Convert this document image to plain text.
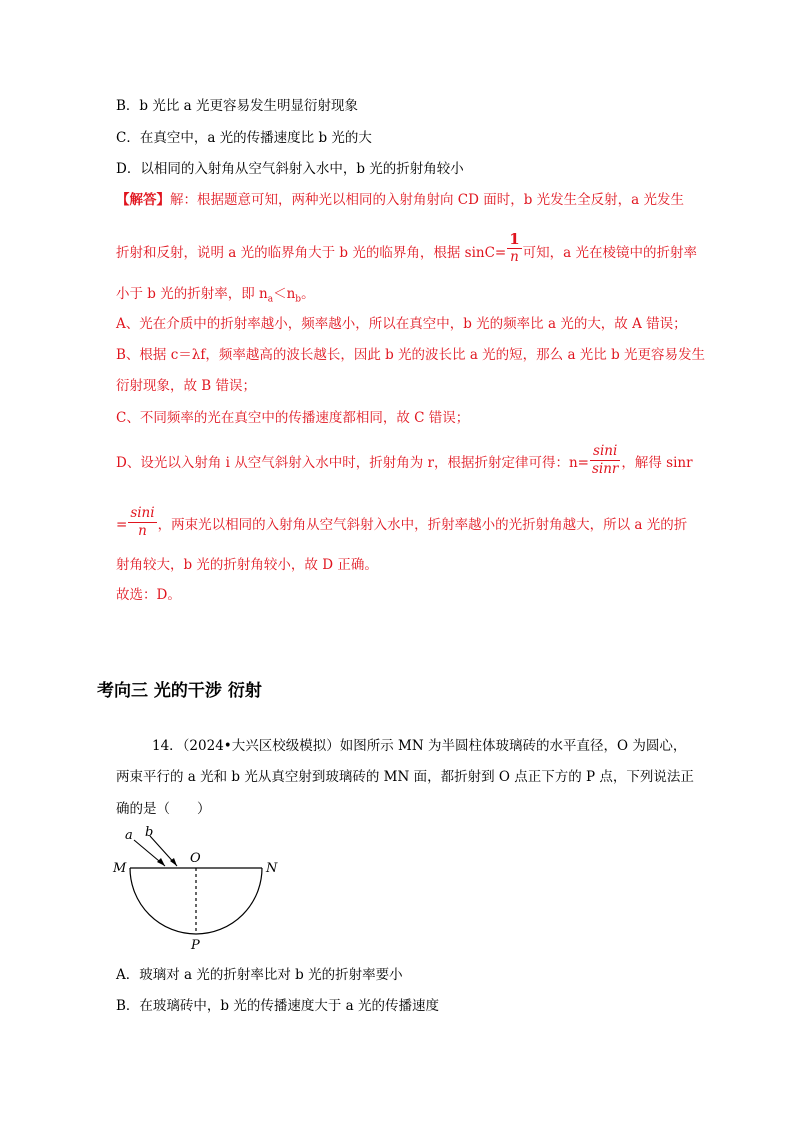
B．b 光比 a 光更容易发生明显衍射现象
C．在真空中，a 光的传播速度比 b 光的大
D．以相同的入射角从空气斜射入水中，b 光的折射角较小
【解答】解：根据题意可知，两种光以相同的入射角射向 CD 面时，b 光发生全反射，a 光发生
折射和反射，说明 a 光的临界角大于 b 光的临界角，根据 $\sin C= \frac{1}{n}$ 可知，a 光在棱镜中的折射率
小于 b 光的折射率，即 $n_a<n_b$。
A、光在介质中的折射率越小，频率越小，所以在真空中，b 光的频率比 a 光的大，故 A 错误；
B、根据 c＝λf，频率越高的波长越长，因此 b 光的波长比 a 光的短，那么 a 光比 b 光更容易发生
衍射现象，故 B 错误；
C、不同频率的光在真空中的传播速度都相同，故 C 错误；
D、设光以入射角 i 从空气斜射入水中时，折射角为 r，根据折射定律可得：$n= \frac{\sin i}{\sin r}$ ，解得 sinr
= $\frac{\sin i}{n}$ ，两束光以相同的入射角从空气斜射入水中，折射率越小的光折射角越大，所以 a 光的折
射角较大，b 光的折射角较小，故 D 正确。
故选：D。
考向三 光的干涉 衍射
14．（2024•大兴区校级模拟）如图所示 MN 为半圆柱体玻璃砖的水平直径，O 为圆心，
两束平行的 a 光和 b 光从真空射到玻璃砖的 MN 面，都折射到 O 点正下方的 P 点，下列说法正
确的是（　　）
a b
M
O
N
P
A．玻璃对 a 光的折射率比对 b 光的折射率要小
B．在玻璃砖中，b 光的传播速度大于 a 光的传播速度
